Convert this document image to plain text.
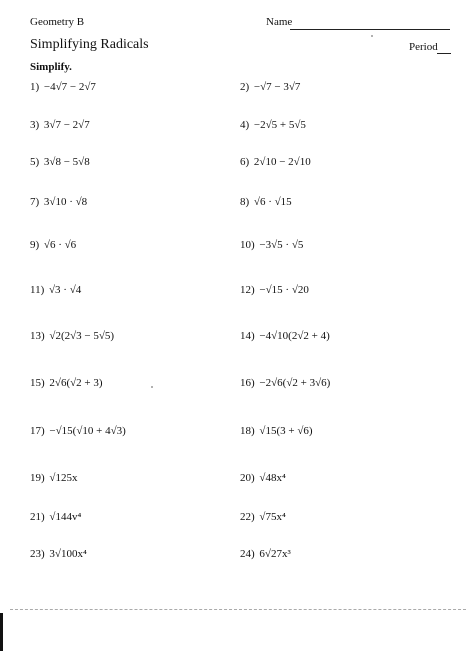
Geometry B
Simplifying Radicals
Name
Period
Simplify.
1) −4√7 − 2√7
3) 3√7 − 2√7
5) 3√8 − 5√8
7) 3√10 · √8
9) √6 · √6
11) √3 · √4
13) √2(2√3 − 5√5)
15) 2√6(√2 + 3)
17) −√15(√10 + 4√3)
19) √125x
21) √144v⁴
23) 3√100x⁴
2) −√7 − 3√7
4) −2√5 + 5√5
6) 2√10 − 2√10
8) √6 · √15
10) −3√5 · √5
12) −√15 · √20
14) −4√10(2√2 + 4)
16) −2√6(√2 + 3√6)
18) √15(3 + √6)
20) √48x⁴
22) √75x⁴
24) 6√27x³
